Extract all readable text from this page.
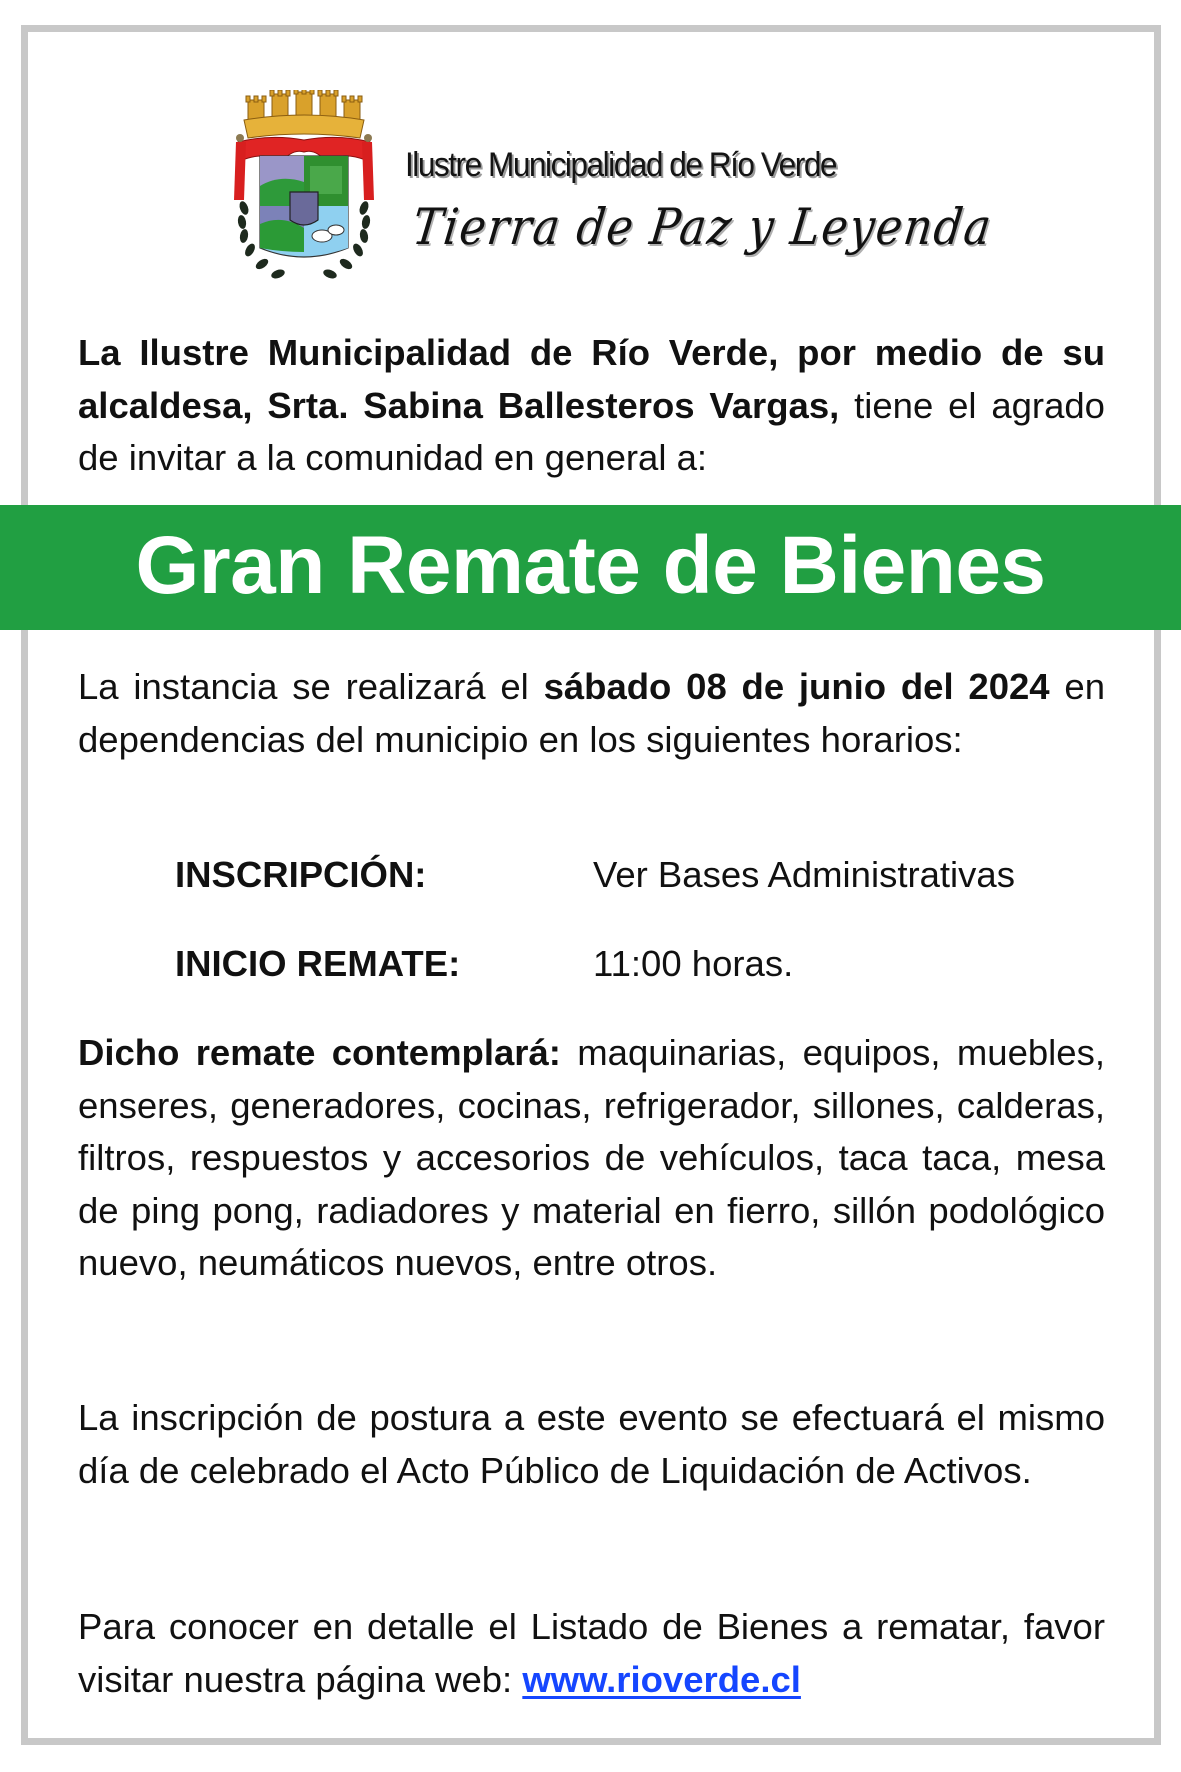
Ilustre Municipalidad de Río Verde
Tierra de Paz y Leyenda
La Ilustre Municipalidad de Río Verde, por medio de su alcaldesa, Srta. Sabina Ballesteros Vargas, tiene el agrado de invitar a la comunidad en general a:
Gran Remate de Bienes
La instancia se realizará el sábado 08 de junio del 2024 en dependencias del municipio en los siguientes horarios:
INSCRIPCIÓN:	Ver Bases Administrativas
INICIO REMATE:	11:00 horas.
Dicho remate contemplará: maquinarias, equipos, muebles, enseres, generadores, cocinas, refrigerador, sillones, calderas, filtros, respuestos y accesorios de vehículos, taca taca, mesa de ping pong, radiadores y material en fierro, sillón podológico nuevo, neumáticos nuevos, entre otros.
La inscripción de postura a este evento se efectuará el mismo día de celebrado el Acto Público de Liquidación de Activos.
Para conocer en detalle el Listado de Bienes a rematar, favor visitar nuestra página web: www.rioverde.cl
